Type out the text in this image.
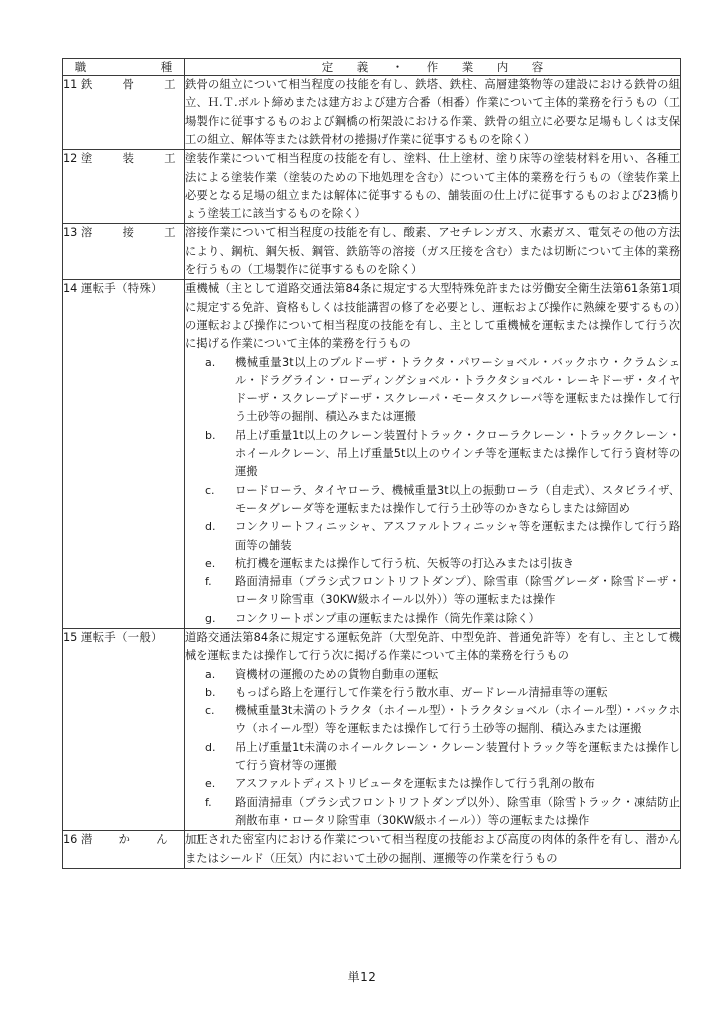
職　　　種	定　義　・　作　業　内　容
11 鉄　骨　工	鉄骨の組立について相当程度の技能を有し、鉄塔、鉄柱、高層建築物等の建設における鉄骨の組立、Ｈ.Ｔ.ボルト締めまたは建方および建方合番（相番）作業について主体的業務を行うもの（工場製作に従事するものおよび鋼橋の桁架設における作業、鉄骨の組立に必要な足場もしくは支保工の組立、解体等または鉄骨材の捲揚げ作業に従事するものを除く）

12 塗　装　工	塗装作業について相当程度の技能を有し、塗料、仕上塗材、塗り床等の塗装材料を用い、各種工法による塗装作業（塗装のための下地処理を含む）について主体的業務を行うもの（塗装作業上必要となる足場の組立または解体に従事するもの、舗装面の仕上げに従事するものおよび23橋りょう塗装工に該当するものを除く）

13 溶　接　工	溶接作業について相当程度の技能を有し、酸素、アセチレンガス、水素ガス、電気その他の方法により、鋼杭、鋼矢板、鋼管、鉄筋等の溶接（ガス圧接を含む）または切断について主体的業務を行うもの（工場製作に従事するものを除く）

14 運転手（特殊）	重機械（主として道路交通法第84条に規定する大型特殊免許または労働安全衛生法第61条第1項に規定する免許、資格もしくは技能講習の修了を必要とし、運転および操作に熟練を要するもの）の運転および操作について相当程度の技能を有し、主として重機械を運転または操作して行う次に掲げる作業について主体的業務を行うもの

a.	機械重量3t以上のブルドーザ・トラクタ・パワーショベル・バックホウ・クラムシェル・ドラグライン・ローディングショベル・トラクタショベル・レーキドーザ・タイヤドーザ・スクレープドーザ・スクレーパ・モータスクレーパ等を運転または操作して行う土砂等の掘削、積込みまたは運搬
b.	吊上げ重量1t以上のクレーン装置付トラック・クローラクレーン・トラッククレーン・ホイールクレーン、吊上げ重量5t以上のウインチ等を運転または操作して行う資材等の運搬
c.	ロードローラ、タイヤローラ、機械重量3t以上の振動ローラ（自走式）、スタビライザ、モータグレーダ等を運転または操作して行う土砂等のかきならしまたは締固め
d.	コンクリートフィニッシャ、アスファルトフィニッシャ等を運転または操作して行う路面等の舗装
e.	杭打機を運転または操作して行う杭、矢板等の打込みまたは引抜き
f.	路面清掃車（ブラシ式フロントリフトダンプ）、除雪車（除雪グレーダ・除雪ドーザ・ロータリ除雪車（30KW級ホイール以外））等の運転または操作
g.	コンクリートポンプ車の運転または操作（筒先作業は除く）

15 運転手（一般）	道路交通法第84条に規定する運転免許（大型免許、中型免許、普通免許等）を有し、主として機械を運転または操作して行う次に掲げる作業について主体的業務を行うもの

a.	資機材の運搬のための貨物自動車の運転
b.	もっぱら路上を運行して作業を行う散水車、ガードレール清掃車等の運転
c.	機械重量3t未満のトラクタ（ホイール型）・トラクタショベル（ホイール型）・バックホウ（ホイール型）等を運転または操作して行う土砂等の掘削、積込みまたは運搬
d.	吊上げ重量1t未満のホイールクレーン・クレーン装置付トラック等を運転または操作して行う資材等の運搬
e.	アスファルトディストリビュータを運転または操作して行う乳剤の散布
f.	路面清掃車（ブラシ式フロントリフトダンプ以外）、除雪車（除雪トラック・凍結防止剤散布車・ロータリ除雪車（30KW級ホイール））等の運転または操作

16 潜　か　ん　工	加圧された密室内における作業について相当程度の技能および高度の肉体的条件を有し、潜かんまたはシールド（圧気）内において土砂の掘削、運搬等の作業を行うもの

単12
